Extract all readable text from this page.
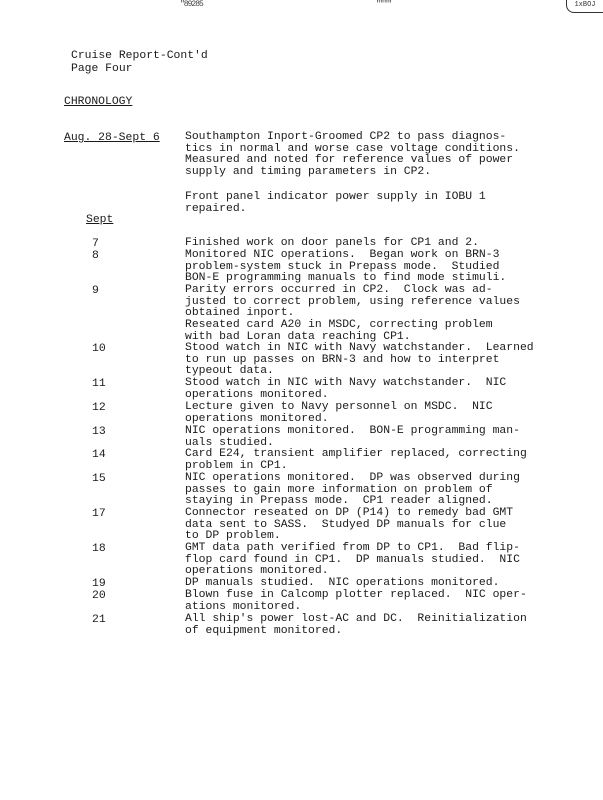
"89285	""""	1xBOJ
Cruise Report-Cont'd
Page Four
CHRONOLOGY
Aug. 28-Sept 6 Southampton Inport-Groomed CP2 to pass diagnos-
tics in normal and worse case voltage conditions.
Measured and noted for reference values of power
supply and timing parameters in CP2.
Front panel indicator power supply in IOBU 1
repaired.
Sept
7	Finished work on door panels for CP1 and 2.
8	Monitored NIC operations.  Began work on BRN-3
problem-system stuck in Prepass mode.  Studied
BON-E programming manuals to find mode stimuli.
9	Parity errors occurred in CP2.  Clock was ad-
justed to correct problem, using reference values
obtained inport.
Reseated card A20 in MSDC, correcting problem
with bad Loran data reaching CP1.
10	Stood watch in NIC with Navy watchstander.  Learned
to run up passes on BRN-3 and how to interpret
typeout data.
11	Stood watch in NIC with Navy watchstander.  NIC
operations monitored.
12	Lecture given to Navy personnel on MSDC.  NIC
operations monitored.
13	NIC operations monitored.  BON-E programming man-
uals studied.
14	Card E24, transient amplifier replaced, correcting
problem in CP1.
15	NIC operations monitored.  DP was observed during
passes to gain more information on problem of
staying in Prepass mode.  CP1 reader aligned.
17	Connector reseated on DP (P14) to remedy bad GMT
data sent to SASS.  Studyed DP manuals for clue
to DP problem.
18	GMT data path verified from DP to CP1.  Bad flip-
flop card found in CP1.  DP manuals studied.  NIC
operations monitored.
19	DP manuals studied.  NIC operations monitored.
20	Blown fuse in Calcomp plotter replaced.  NIC oper-
ations monitored.
21	All ship's power lost-AC and DC.  Reinitialization
of equipment monitored.
